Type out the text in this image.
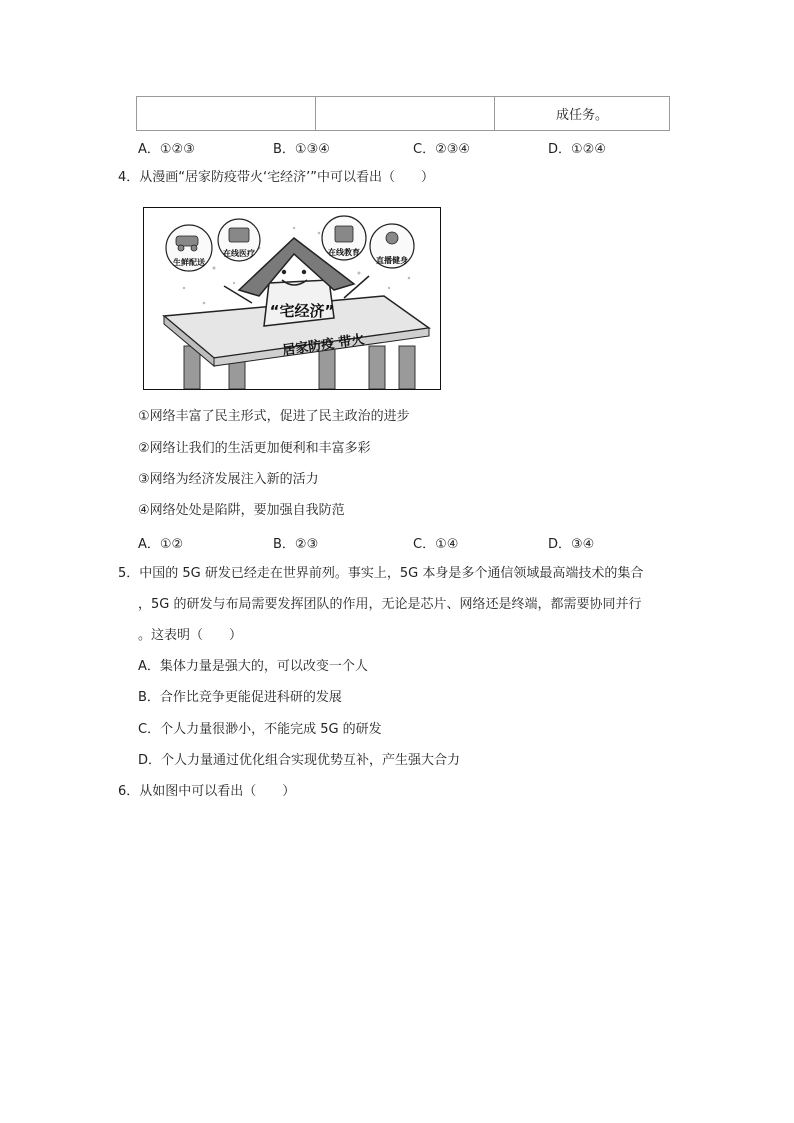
		成任务。
A．①②③	B．①③④	C．②③④	D．①②④
4．从漫画“居家防疫带火‘宅经济’”中可以看出（　　）
生鲜配送
在线医疗	在线教育
直播健身
“宅经济”
居家防疫 带火
①网络丰富了民主形式，促进了民主政治的进步
②网络让我们的生活更加便利和丰富多彩
③网络为经济发展注入新的活力
④网络处处是陷阱，要加强自我防范
A．①②	B．②③	C．①④	D．③④
5．中国的 5G 研发已经走在世界前列。事实上，5G 本身是多个通信领域最高端技术的集合
，5G 的研发与布局需要发挥团队的作用，无论是芯片、网络还是终端，都需要协同并行
。这表明（　　）
A．集体力量是强大的，可以改变一个人
B．合作比竞争更能促进科研的发展
C．个人力量很渺小，不能完成 5G 的研发
D．个人力量通过优化组合实现优势互补，产生强大合力
6．从如图中可以看出（　　）
